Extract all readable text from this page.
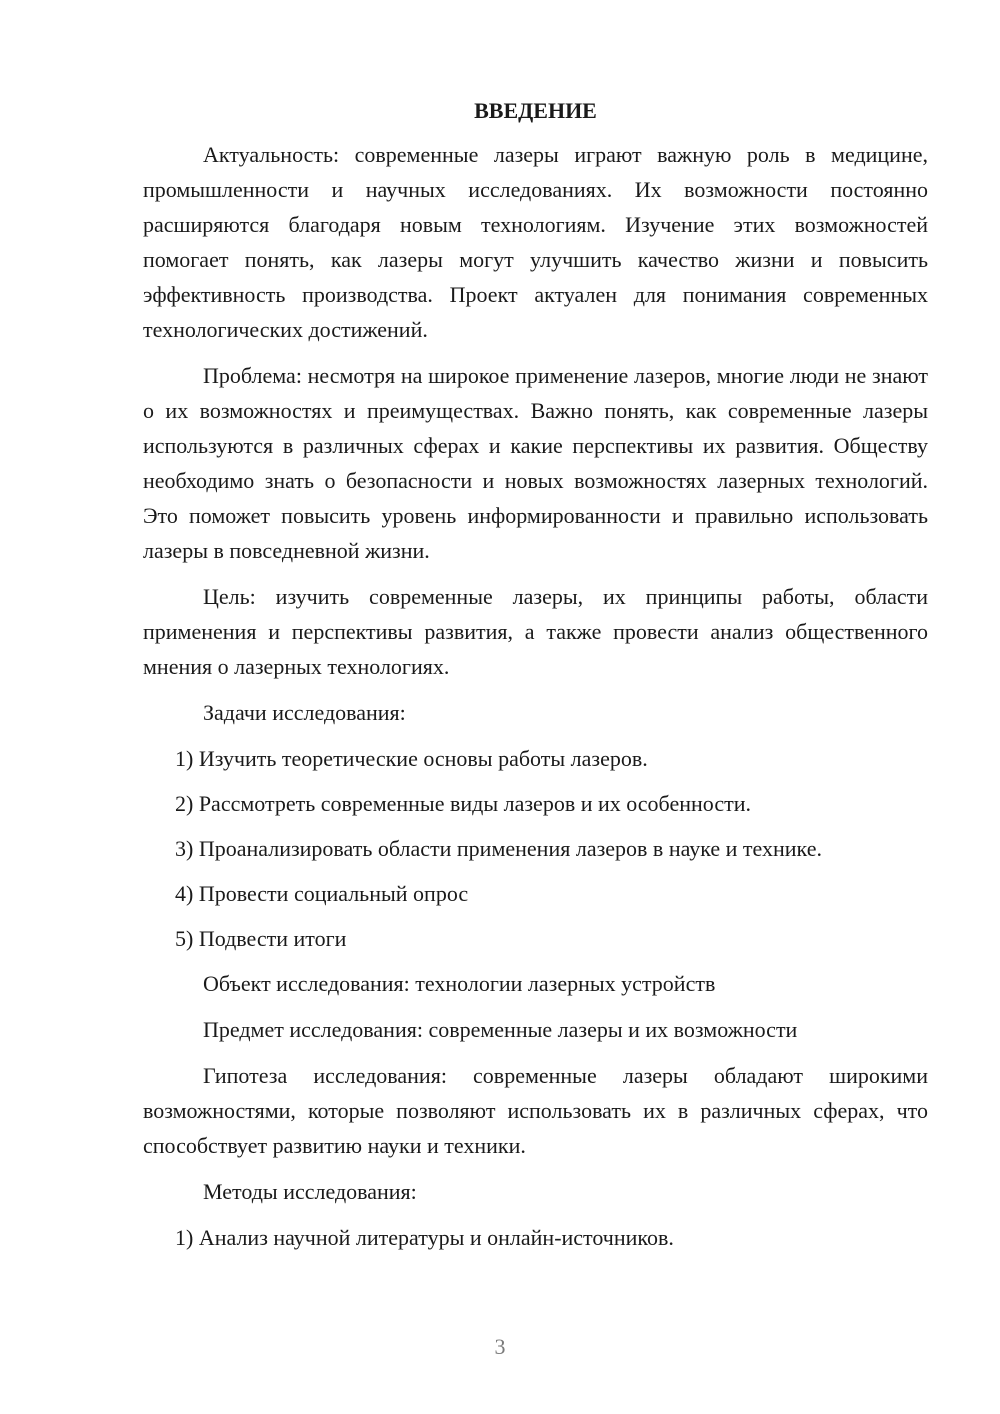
ВВЕДЕНИЕ

Актуальность: современные лазеры играют важную роль в медицине, промышленности и научных исследованиях. Их возможности постоянно расширяются благодаря новым технологиям. Изучение этих возможностей помогает понять, как лазеры могут улучшить качество жизни и повысить эффективность производства. Проект актуален для понимания современных технологических достижений.

Проблема: несмотря на широкое применение лазеров, многие люди не знают о их возможностях и преимуществах. Важно понять, как современные лазеры используются в различных сферах и какие перспективы их развития. Обществу необходимо знать о безопасности и новых возможностях лазерных технологий. Это поможет повысить уровень информированности и правильно использовать лазеры в повседневной жизни.

Цель: изучить современные лазеры, их принципы работы, области применения и перспективы развития, а также провести анализ общественного мнения о лазерных технологиях.

Задачи исследования:

1) Изучить теоретические основы работы лазеров.

2) Рассмотреть современные виды лазеров и их особенности.

3) Проанализировать области применения лазеров в науке и технике.

4) Провести социальный опрос

5) Подвести итоги

Объект исследования: технологии лазерных устройств

Предмет исследования: современные лазеры и их возможности

Гипотеза исследования: современные лазеры обладают широкими возможностями, которые позволяют использовать их в различных сферах, что способствует развитию науки и техники.

Методы исследования:

1) Анализ научной литературы и онлайн-источников.

3
